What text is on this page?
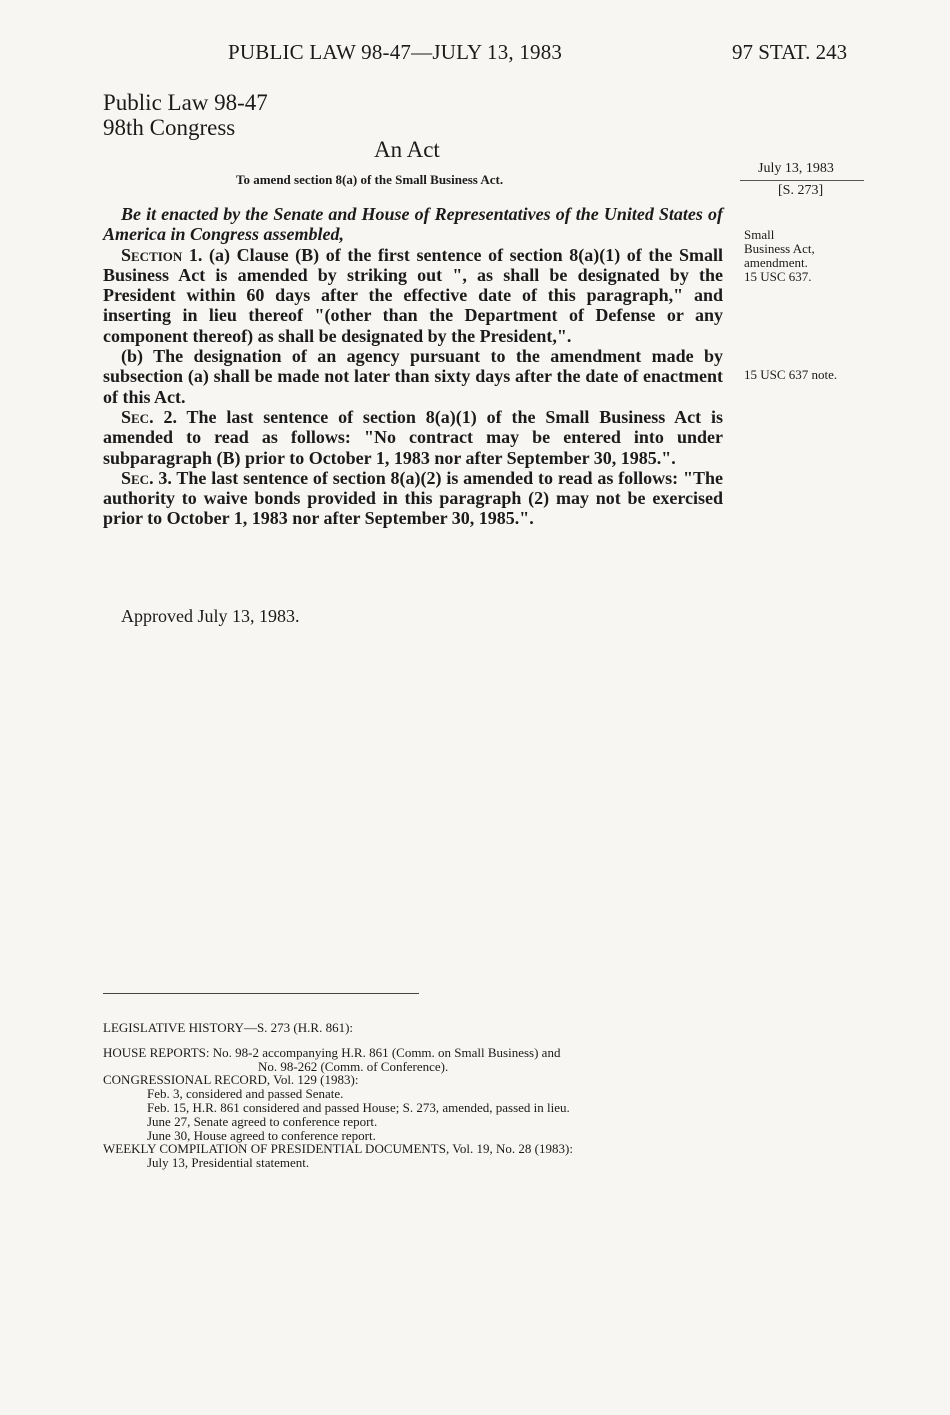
PUBLIC LAW 98-47—JULY 13, 1983	97 STAT. 243
Public Law 98-47
98th Congress
An Act
To amend section 8(a) of the Small Business Act.
July 13, 1983
[S. 273]
Small
Business Act,
amendment.
15 USC 637.
15 USC 637 note.

Be it enacted by the Senate and House of Representatives of the United States of America in Congress assembled,

Section 1. (a) Clause (B) of the first sentence of section 8(a)(1) of the Small Business Act is amended by striking out ", as shall be designated by the President within 60 days after the effective date of this paragraph," and inserting in lieu thereof "(other than the Department of Defense or any component thereof) as shall be designated by the President,".

(b) The designation of an agency pursuant to the amendment made by subsection (a) shall be made not later than sixty days after the date of enactment of this Act.

Sec. 2. The last sentence of section 8(a)(1) of the Small Business Act is amended to read as follows: "No contract may be entered into under subparagraph (B) prior to October 1, 1983 nor after September 30, 1985.".

Sec. 3. The last sentence of section 8(a)(2) is amended to read as follows: "The authority to waive bonds provided in this paragraph (2) may not be exercised prior to October 1, 1983 nor after September 30, 1985.".

Approved July 13, 1983.
LEGISLATIVE HISTORY—S. 273 (H.R. 861):
HOUSE REPORTS: No. 98-2 accompanying H.R. 861 (Comm. on Small Business) and
No. 98-262 (Comm. of Conference).
CONGRESSIONAL RECORD, Vol. 129 (1983):
Feb. 3, considered and passed Senate.
Feb. 15, H.R. 861 considered and passed House; S. 273, amended, passed in lieu.
June 27, Senate agreed to conference report.
June 30, House agreed to conference report.
WEEKLY COMPILATION OF PRESIDENTIAL DOCUMENTS, Vol. 19, No. 28 (1983):
July 13, Presidential statement.
